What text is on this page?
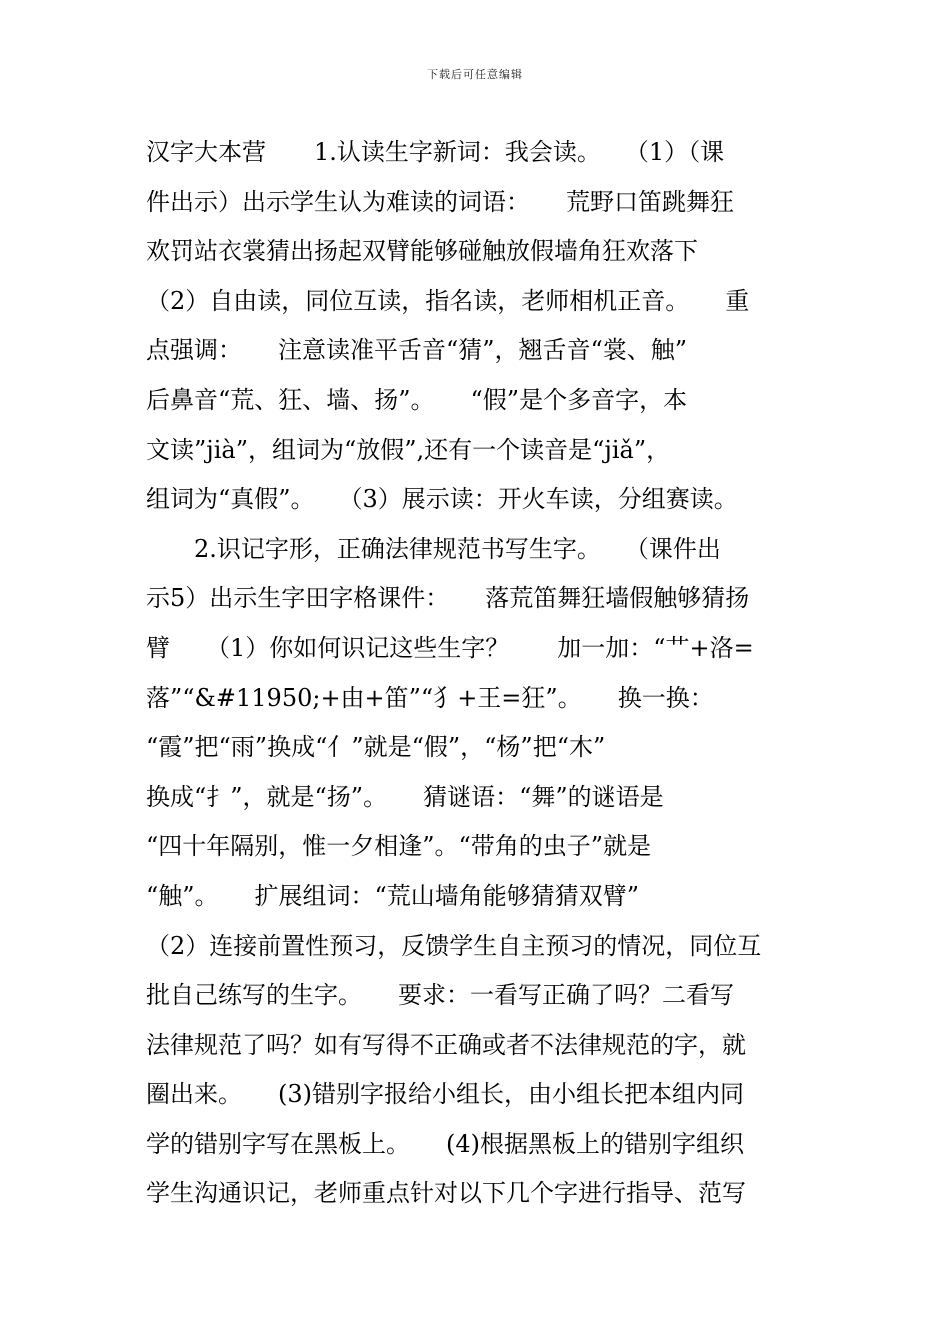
下载后可任意编辑
汉字大本营　　1.认读生字新词：我会读。　　（1）（课
件出示）出示学生认为难读的词语：　　荒野口笛跳舞狂
欢罚站衣裳猜出扬起双臂能够碰触放假墙角狂欢落下
（2）自由读，同位互读，指名读，老师相机正音。　　重
点强调：　　注意读准平舌音“猜”，翘舌音“裳、触”
后鼻音“荒、狂、墙、扬”。　　“假”是个多音字，本
文读”jià”，组词为“放假”,还有一个读音是“jiǎ”，
组词为“真假”。　　（3）展示读：开火车读，分组赛读。
　　2.识记字形，正确法律规范书写生字。　　（课件出
示5）出示生字田字格课件：　　落荒笛舞狂墙假触够猜扬
臂　　（1）你如何识记这些生字？　　加一加：“艹+洛=
落”“&#11950;+由+笛”“犭+王=狂”。　　换一换：
“霞”把“雨”换成“亻”就是“假”，“杨”把“木”
换成“扌”，就是“扬”。　　猜谜语：“舞”的谜语是
“四十年隔别，惟一夕相逢”。“带角的虫子”就是
“触”。　　扩展组词：“荒山墙角能够猜猜双臂”
（2）连接前置性预习，反馈学生自主预习的情况，同位互
批自己练写的生字。　　要求：一看写正确了吗？二看写
法律规范了吗？如有写得不正确或者不法律规范的字，就
圈出来。　　(3)错别字报给小组长，由小组长把本组内同
学的错别字写在黑板上。　　(4)根据黑板上的错别字组织
学生沟通识记，老师重点针对以下几个字进行指导、范写
